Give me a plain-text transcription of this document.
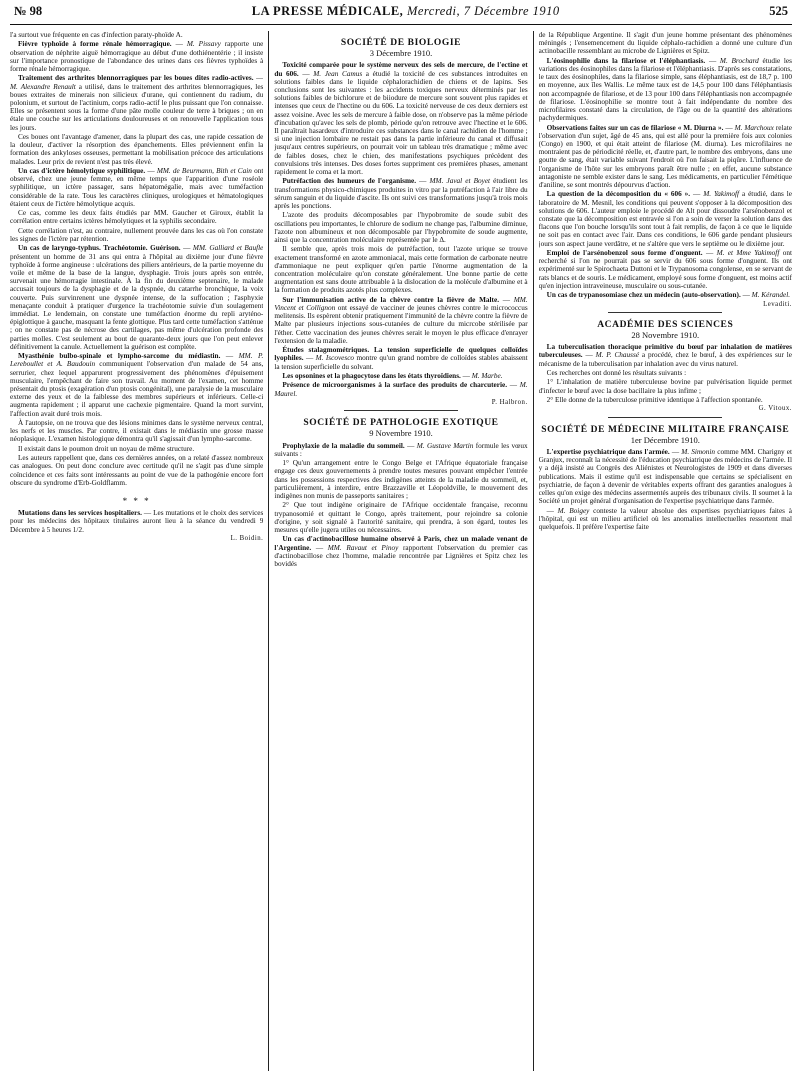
№ 98	LA PRESSE MÉDICALE, Mercredi, 7 Décembre 1910	525

l'a surtout vue fréquente en cas d'infection paraty-phoïde A.

Fièvre typhoïde à forme rénale hémorragique. — M. Pissavy rapporte une observation de néphrite aiguë hémorragique au début d'une dothiénentérie ; il insiste sur l'importance pronostique de l'abondance des urines dans ces fièvres typhoïdes à forme rénale hémorragique.

Traitement des arthrites blennorragiques par les boues dites radio-actives. — M. Alexandre Renault a utilisé, dans le traitement des arthrites blennorragiques, les boues extraites de minerais non silicieux d'urane, qui contiennent du radium, du polonium, et surtout de l'actinium, corps radio-actif le plus puissant que l'on connaisse. Elles se présentent sous la forme d'une pâte molle couleur de terre à briques ; on en étale une couche sur les articulations douloureuses et on renouvelle l'application tous les jours.

Ces boues ont l'avantage d'amener, dans la plupart des cas, une rapide cessation de la douleur, d'activer la résorption des épanchements. Elles préviennent enfin la formation des ankyloses osseuses, permettant la mobilisation précoce des articulations malades. Leur prix de revient n'est pas très élevé.

Un cas d'ictère hémolytique syphilitique. — MM. de Beurmann, Bith et Cain ont observé, chez une jeune femme, en même temps que l'apparition d'une roséole syphilitique, un ictère passager, sans hépatomégalie, mais avec tuméfaction considérable de la rate. Tous les caractères cliniques, urologiques et hématologiques étaient ceux de l'ictère hémolytique acquis.

Ce cas, comme les deux faits étudiés par MM. Gaucher et Giroux, établit la corrélation entre certains ictères hémolytiques et la syphilis secondaire.

Cette corrélation n'est, au contraire, nullement prouvée dans les cas où l'on constate les signes de l'ictère par rétention.

Un cas de laryngo-typhus. Trachéotomie. Guérison. — MM. Galliard et Baufle présentent un homme de 31 ans qui entra à l'hôpital au dixième jour d'une fièvre typhoïde à forme angineuse : ulcérations des piliers antérieurs, de la partie moyenne du voile et même de la base de la langue, dysphagie. Trois jours après son entrée, survenait une hémorragie intestinale. À la fin du deuxième septenaire, le malade accusait toujours de la dysphagie et de la dyspnée, du catarrhe bronchique, la voix couverte. Puis survinrenent une dyspnée intense, de la suffocation ; l'asphyxie menaçante conduit à pratiquer d'urgence la trachéotomie suivie d'un soulagement immédiat. Le lendemain, on constate une tuméfaction énorme du repli aryténo-épiglottique à gauche, masquant la fente glottique. Plus tard cette tuméfaction s'atténue ; on ne constate pas de nécrose des cartilages, pas même d'ulcération profonde des parties molles. C'est seulement au bout de quarante-deux jours que l'on peut enlever définitivement la canule. Actuellement la guérison est complète.

Myasthénie bulbo-spinale et lympho-sarcome du médiastin. — MM. P. Lereboullet et A. Baudouin communiquent l'observation d'un malade de 54 ans, serrurier, chez lequel apparurent progressivement des phénomènes d'épuisement musculaire, l'empêchant de faire son travail. Au moment de l'examen, cet homme présentait du ptosis (exagération d'un ptosis congénital), une paralysie de la musculaire externe des yeux et de la faiblesse des membres supérieurs et inférieurs. Celle-ci augmenta rapidement ; il apparut une cachexie pigmentaire. Quand la mort survint, l'affection avait duré trois mois.

À l'autopsie, on ne trouva que des lésions minimes dans le système nerveux central, les nerfs et les muscles. Par contre, il existait dans le médiastin une grosse masse néoplasique. L'examen histologique démontra qu'il s'agissait d'un lympho-sarcome.

Il existait dans le poumon droit un noyau de même structure.

Les auteurs rappellent que, dans ces dernières années, on a relaté d'assez nombreux cas analogues. On peut donc conclure avec certitude qu'il ne s'agit pas d'une simple coïncidence et ces faits sont intéressants au point de vue de la pathogénie encore fort obscure du syndrome d'Erb-Goldflamm.

* * *

Mutations dans les services hospitaliers. — Les mutations et le choix des services pour les médecins des hôpitaux titulaires auront lieu à la séance du vendredi 9 Décembre à 5 heures 1/2.

L. Boidin.
SOCIÉTÉ DE BIOLOGIE
3 Décembre 1910.

Toxicité comparée pour le système nerveux des sels de mercure, de l'ectine et du 606. — M. Jean Camus a étudié la toxicité de ces substances introduites en solutions faibles dans le liquide céphalorachidien de chiens et de lapins. Ses conclusions sont les suivantes : les accidents toxiques nerveux déterminés par les solutions faibles de bichlorure et de biiodure de mercure sont souvent plus rapides et intenses que ceux de l'hectine ou du 606. La toxicité nerveuse de ces deux derniers est assez voisine. Avec les sels de mercure à faible dose, on n'observe pas la même période d'incubation qu'avec les sels de plomb, période qu'on retrouve avec l'hectine et le 606. Il paraîtrait hasardeux d'introduire ces substances dans le canal rachidien de l'homme ; si une injection lombaire ne restait pas dans la partie inférieure du canal et diffusait jusqu'aux centres supérieurs, on pourrait voir un tableau très dramatique ; même avec de faibles doses, chez le chien, des manifestations psychiques précèdent des convulsions très intenses. Des doses fortes suppriment ces premières phases, amenant rapidement le coma et la mort.

Putréfaction des humeurs de l'organisme. — MM. Javal et Boyet étudient les transformations physico-chimiques produites in vitro par la putréfaction à l'air libre du sérum sanguin et du liquide d'ascite. Ils ont suivi ces transformations jusqu'à trois mois après les ponctions.

L'azote des produits décomposables par l'hypobromite de soude subit des oscillations peu importantes, le chlorure de sodium ne change pas, l'albumine diminue, l'azote non albumineux et non décomposable par l'hypobromite de soude augmente, ainsi que la concentration moléculaire représentée par le Δ.

Il semble que, après trois mois de putréfaction, tout l'azote urique se trouve exactement transformé en azote ammoniacal, mais cette formation de carbonate neutre d'ammoniaque ne peut expliquer qu'en partie l'énorme augmentation de la concentration moléculaire qu'on constate généralement. Une bonne partie de cette augmentation est sans doute attribuable à la dislocation de la molécule d'albumine et à la formation de produits azotés plus complexes.

Sur l'immunisation active de la chèvre contre la fièvre de Malte. — MM. Vincent et Collignon ont essayé de vacciner de jeunes chèvres contre le micrococcus melitensis. Ils espèrent obtenir pratiquement l'immunité de la chèvre contre la fièvre de Malte par plusieurs injections sous-cutanées de culture du micrcobe stérilisée par l'éther. Cette vaccination des jeunes chèvres serait le moyen le plus efficace d'enrayer l'extension de la maladie.

Études stalagmométriques. La tension superficielle de quelques colloïdes lyophiles. — M. Iscovesco montre qu'un grand nombre de colloïdes stables abaissent la tension superficielle du solvant.

Les opsonines et la phagocytose dans les états thyroïdiens. — M. Marbe.

Présence de microorganismes à la surface des produits de charcuterie. — M. Maurel.

P. Halbron.
SOCIÉTÉ DE PATHOLOGIE EXOTIQUE
9 Novembre 1910.

Prophylaxie de la maladie du sommeil. — M. Gustave Martin formule les vœux suivants :

1° Qu'un arrangement entre le Congo Belge et l'Afrique équatoriale française engage ces deux gouvernements à prendre toutes mesures pouvant empêcher l'entrée dans les possessions respectives des indigènes atteints de la maladie du sommeil, et, particulièrement, à interdire, entre Brazzaville et Léopoldville, le mouvement des indigènes non munis de passeports sanitaires ;

2° Que tout indigène originaire de l'Afrique occidentale française, reconnu trypanosomié et quittant le Congo, après traitement, pour rejoindre sa colonie d'origine, y soit signalé à l'autorité sanitaire, qui prendra, à son égard, toutes les mesures qu'elle jugera utiles ou nécessaires.

Un cas d'actinobacillose humaine observé à Paris, chez un malade venant de l'Argentine. — MM. Ravaut et Pinoy rapportent l'observation du premier cas d'actinobacillose chez l'homme, maladie rencontrée par Lignières et Spitz chez les bovidés

de la République Argentine. Il s'agit d'un jeune homme présentant des phénomènes méningés ; l'ensemencement du liquide céphalo-rachidien a donné une culture d'un actinobacille ressemblant au microbe de Lignières et Spitz.

L'éosinophilie dans la filariose et l'éléphantiasis. — M. Brochard étudie les variations des éosinophiles dans la filariose et l'éléphantiasis. D'après ses constatations, le taux des éosinophiles, dans la filariose simple, sans éléphantiasis, est de 18,7 p. 100 en moyenne, aux îles Wallis. Le même taux est de 14,5 pour 100 dans l'éléphantiasis non accompagnée de filariose, et de 13 pour 100 dans l'éléphantiasis non accompagnée de filariose. L'éosinophilie se montre tout à fait indépendante du nombre des microfilaires constaté dans la circulation, de l'âge ou de la quantité des altérations pachydermiques.

Observations faites sur un cas de filariose « M. Diurna ». — M. Marchoux relate l'observation d'un sujet, âgé de 45 ans, qui est allé pour la première fois aux colonies (Congo) en 1900, et qui était atteint de filariose (M. diurna). Les microfilaires ne montraient pas de périodicité réelle, et, d'autre part, le nombre des embryons, dans une goutte de sang, était variable suivant l'endroit où l'on faisait la piqûre. L'influence de l'organisme de l'hôte sur les embryons paraît être nulle ; en effet, aucune substance antagoniste ne semble exister dans le sang. Les médicaments, en particulier l'émétique d'aniline, se sont montrés dépourvus d'action.

La question de la décomposition du « 606 ». — M. Yakimoff a étudié, dans le laboratoire de M. Mesnil, les conditions qui peuvent s'opposer à la décomposition des solutions de 606. L'auteur emploie le procédé de Alt pour dissoudre l'arsénobenzol et constate que la décomposition est entravée si l'on a soin de verser la solution dans des flacons que l'on bouche lorsqu'ils sont tout à fait remplis, de façon à ce que le liquide ne soit pas en contact avec l'air. Dans ces conditions, le 606 garde pendant plusieurs jours son aspect jaune verdâtre, et ne s'altère que vers le septième ou le dixième jour.

Emploi de l'arsénobenzol sous forme d'onguent. — M. et Mme Yakimoff ont recherché si l'on ne pourrait pas se servir du 606 sous forme d'onguent. Ils ont expérimenté sur le Spirochaeta Duttoni et le Trypanosoma congolense, en se servant de rats blancs et de souris. Le médicament, employé sous forme d'onguent, est moins actif qu'en injection intraveineuse, musculaire ou sous-cutanée.

Un cas de trypanosomiase chez un médecin (auto-observation). — M. Kérandel.

Levaditi.
ACADÉMIE DES SCIENCES
28 Novembre 1910.

La tuberculisation thoracique primitive du bœuf par inhalation de matières tuberculeuses. — M. P. Chaussé a procédé, chez le bœuf, à des expériences sur le mécanisme de la tuberculisation par inhalation avec du virus naturel.

Ces recherches ont donné les résultats suivants :

1° L'inhalation de matière tuberculeuse bovine par pulvérisation liquide permet d'infecter le bœuf avec la dose bacillaire la plus infime ;

2° Elle donne de la tuberculose primitive identique à l'affection spontanée.

G. Vitoux.
SOCIÉTÉ DE MÉDECINE MILITAIRE FRANÇAISE
1er Décembre 1910.

L'expertise psychiatrique dans l'armée. — M. Simonin comme MM. Charigny et Granjux, reconnaît la nécessité de l'éducation psychiatrique des médecins de l'armée. Il y a déjà insisté au Congrès des Aliénistes et Neurologistes de 1909 et dans diverses publications. Mais il estime qu'il est indispensable que certains se spécialisent en psychiatrie, de façon à devenir de véritables experts offrant des garanties analogues à celles qu'on exige des médecins assermentés auprès des tribunaux civils. Il soumet à la Société un projet général d'organisation de l'expertise psychiatrique dans l'armée.

— M. Boigey conteste la valeur absolue des expertises psychiatriques faites à l'hôpital, qui est un milieu artificiel où les anomalies intellectuelles ressortent mal quelquefois. Il préfère l'expertise faite
